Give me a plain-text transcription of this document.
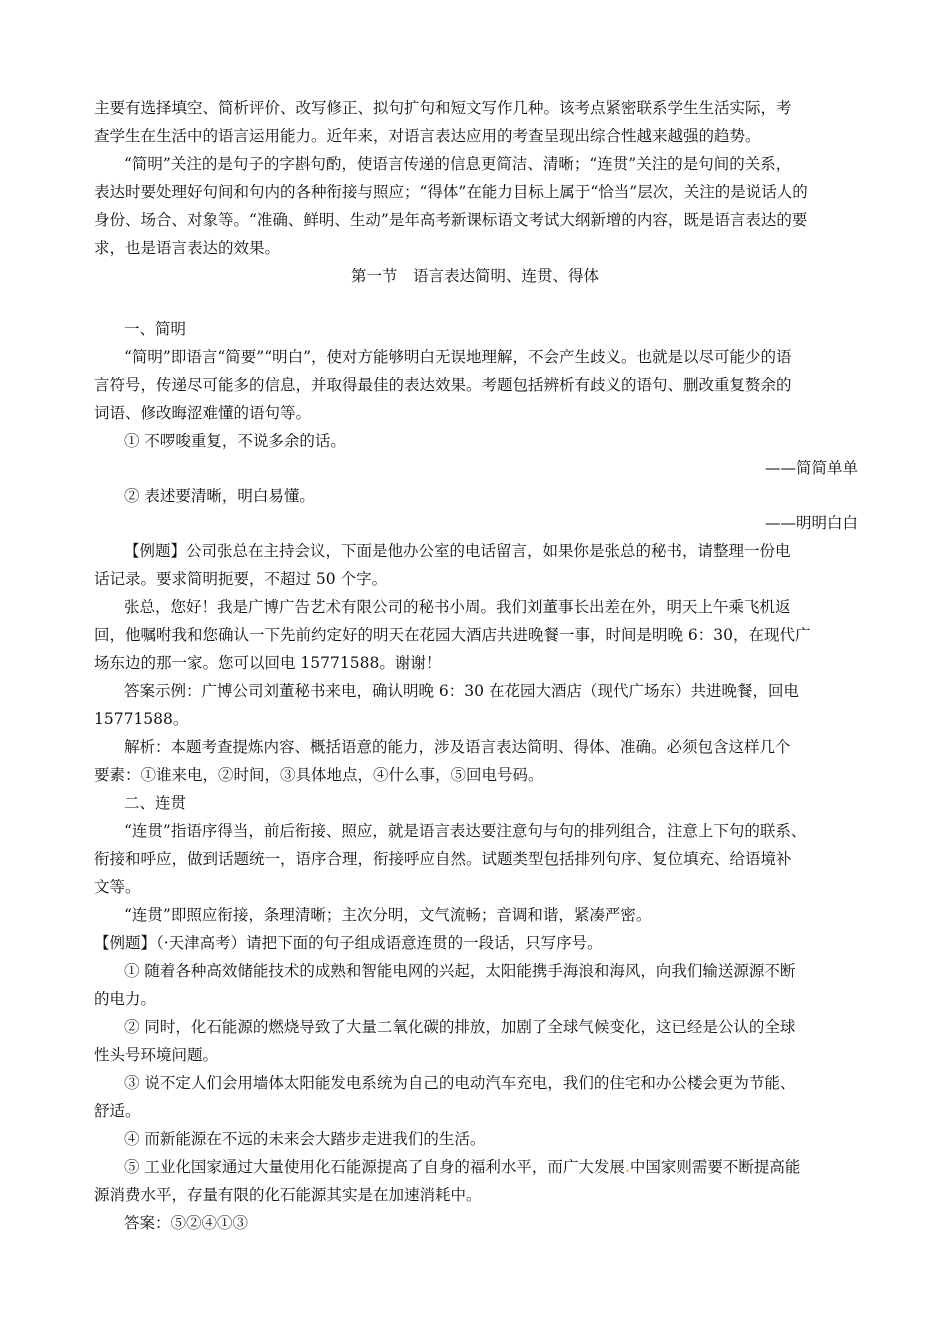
主要有选择填空、简析评价、改写修正、拟句扩句和短文写作几种。该考点紧密联系学生生活实际，考
查学生在生活中的语言运用能力。近年来，对语言表达应用的考查呈现出综合性越来越强的趋势。
“简明”关注的是句子的字斟句酌，使语言传递的信息更简洁、清晰；“连贯”关注的是句间的关系，
表达时要处理好句间和句内的各种衔接与照应；“得体”在能力目标上属于“恰当”层次，关注的是说话人的
身份、场合、对象等。“准确、鲜明、生动”是年高考新课标语文考试大纲新增的内容，既是语言表达的要
求，也是语言表达的效果。
第一节　语言表达简明、连贯、得体
一、简明
“简明”即语言“简要”“明白”，使对方能够明白无误地理解，不会产生歧义。也就是以尽可能少的语
言符号，传递尽可能多的信息，并取得最佳的表达效果。考题包括辨析有歧义的语句、删改重复赘余的
词语、修改晦涩难懂的语句等。
① 不啰唆重复，不说多余的话。
——简简单单
② 表述要清晰，明白易懂。
——明明白白
【例题】公司张总在主持会议，下面是他办公室的电话留言，如果你是张总的秘书，请整理一份电
话记录。要求简明扼要，不超过 50 个字。
张总，您好！我是广博广告艺术有限公司的秘书小周。我们刘董事长出差在外，明天上午乘飞机返
回，他嘱咐我和您确认一下先前约定好的明天在花园大酒店共进晚餐一事，时间是明晚 6：30，在现代广
场东边的那一家。您可以回电 15771588。谢谢！
答案示例：广博公司刘董秘书来电，确认明晚 6：30 在花园大酒店（现代广场东）共进晚餐，回电
15771588。
解析：本题考查提炼内容、概括语意的能力，涉及语言表达简明、得体、准确。必须包含这样几个
要素：①谁来电，②时间，③具体地点，④什么事，⑤回电号码。
二、连贯
“连贯”指语序得当，前后衔接、照应，就是语言表达要注意句与句的排列组合，注意上下句的联系、
衔接和呼应，做到话题统一，语序合理，衔接呼应自然。试题类型包括排列句序、复位填充、给语境补
文等。
“连贯”即照应衔接，条理清晰；主次分明，文气流畅；音调和谐，紧凑严密。
【例题】（·天津高考）请把下面的句子组成语意连贯的一段话，只写序号。
① 随着各种高效储能技术的成熟和智能电网的兴起，太阳能携手海浪和海风，向我们输送源源不断
的电力。
② 同时，化石能源的燃烧导致了大量二氧化碳的排放，加剧了全球气候变化，这已经是公认的全球
性头号环境问题。
③ 说不定人们会用墙体太阳能发电系统为自己的电动汽车充电，我们的住宅和办公楼会更为节能、
舒适。
④ 而新能源在不远的未来会大踏步走进我们的生活。
⑤ 工业化国家通过大量使用化石能源提高了自身的福利水平，而广大发展.中国家则需要不断提高能
源消费水平，存量有限的化石能源其实是在加速消耗中。
答案：⑤②④①③
